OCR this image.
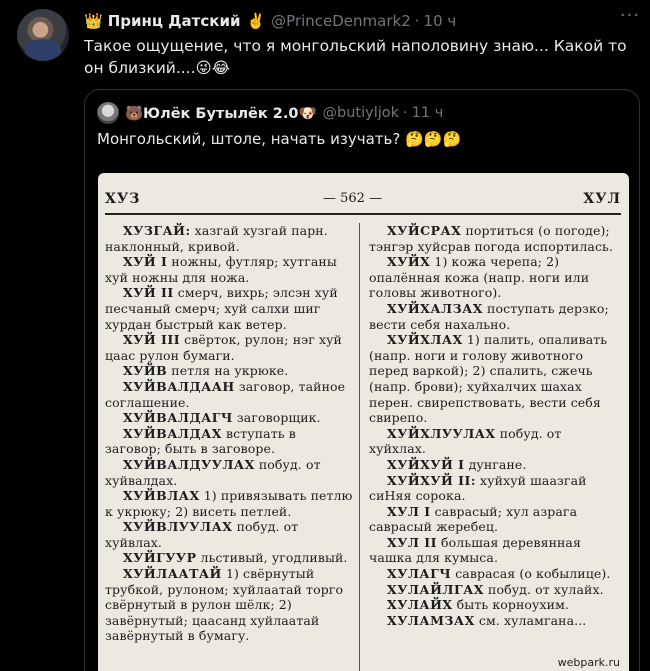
👑 Принц Датский ✌️ @PrinceDenmark2 · 10 ч	···
Такое ощущение, что я монгольский наполовину знаю... Какой то он близкий....😜😂
🐻Юлёк Бутылёк 2.0🐶 @butiyljok · 11 ч
Монгольский, штоле, начать изучать? 🤔🤔🤔
ХУЗ	— 562 —	ХУЛ
ХУЗГАЙ: хазгай хузгай парн. наклонный, кривой.
ХУЙ I ножны, футляр; хутганы хуй ножны для ножа.
ХУЙ II смерч, вихрь; элсэн хуй песчаный смерч; хуй салхи шиг хурдан быстрый как ветер.
ХУЙ III свёрток, рулон; нэг хуй цаас рулон бумаги.
ХУЙВ петля на укрюке.
ХУЙВАЛДААН заговор, тайное соглашение.
ХУЙВАЛДАГЧ заговорщик.
ХУЙВАЛДАХ вступать в заговор; быть в заговоре.
ХУЙВАЛДУУЛАХ побуд. от хуйвалдах.
ХУЙВЛАХ 1) привязывать петлю к укрюку; 2) висеть петлей.
ХУЙВЛУУЛАХ побуд. от хуйвлах.
ХУЙГУУР льстивый, угодливый.
ХУЙЛААТАЙ 1) свёрнутый трубкой, рулоном; хуйлаатай торго свёрнутый в рулон шёлк; 2) завёрнутый; цаасанд хуйлаатай завёрнутый в бумагу.
ХУЙСРАХ портиться (о погоде); тэнгэр хуйсрав погода испортилась.
ХУЙХ 1) кожа черепа; 2) опалённая кожа (напр. ноги или головы животного).
ХУЙХАЛЗАХ поступать дерзко; вести себя нахально.
ХУЙХЛАХ 1) палить, опаливать (напр. ноги и голову животного перед варкой); 2) спалить, сжечь (напр. брови); хуйхалчих шахах перен. свирепствовать, вести себя свирепо.
ХУЙХЛУУЛАХ побуд. от хуйхлах.
ХУЙХУЙ I дунгане.
ХУЙХУЙ II: хуйхуй шаазгай сиНяя сорока.
ХУЛ I саврасый; хул азрага саврасый жеребец.
ХУЛ II большая деревянная чашка для кумыса.
ХУЛАГЧ саврасая (о кобылице).
ХУЛАЙЛГАХ побуд. от хулайх.
ХУЛАЙХ быть корноухим.
ХУЛАМЗАХ см. хуламгана...
webpark.ru
